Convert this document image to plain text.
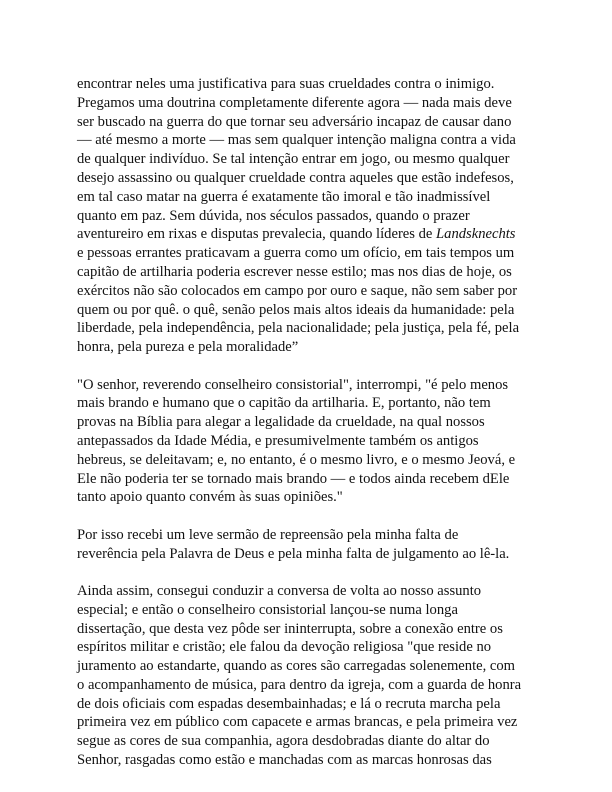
encontrar neles uma justificativa para suas crueldades contra o inimigo.
Pregamos uma doutrina completamente diferente agora — nada mais deve
ser buscado na guerra do que tornar seu adversário incapaz de causar dano
— até mesmo a morte — mas sem qualquer intenção maligna contra a vida
de qualquer indivíduo. Se tal intenção entrar em jogo, ou mesmo qualquer
desejo assassino ou qualquer crueldade contra aqueles que estão indefesos,
em tal caso matar na guerra é exatamente tão imoral e tão inadmissível
quanto em paz. Sem dúvida, nos séculos passados, quando o prazer
aventureiro em rixas e disputas prevalecia, quando líderes de Landsknechts
e pessoas errantes praticavam a guerra como um ofício, em tais tempos um
capitão de artilharia poderia escrever nesse estilo; mas nos dias de hoje, os
exércitos não são colocados em campo por ouro e saque, não sem saber por
quem ou por quê. o quê, senão pelos mais altos ideais da humanidade: pela
liberdade, pela independência, pela nacionalidade; pela justiça, pela fé, pela
honra, pela pureza e pela moralidade”

"O senhor, reverendo conselheiro consistorial", interrompi, "é pelo menos
mais brando e humano que o capitão da artilharia. E, portanto, não tem
provas na Bíblia para alegar a legalidade da crueldade, na qual nossos
antepassados da Idade Média, e presumivelmente também os antigos
hebreus, se deleitavam; e, no entanto, é o mesmo livro, e o mesmo Jeová, e
Ele não poderia ter se tornado mais brando — e todos ainda recebem dEle
tanto apoio quanto convém às suas opiniões."

Por isso recebi um leve sermão de repreensão pela minha falta de
reverência pela Palavra de Deus e pela minha falta de julgamento ao lê-la.

Ainda assim, consegui conduzir a conversa de volta ao nosso assunto
especial; e então o conselheiro consistorial lançou-se numa longa
dissertação, que desta vez pôde ser ininterrupta, sobre a conexão entre os
espíritos militar e cristão; ele falou da devoção religiosa "que reside no
juramento ao estandarte, quando as cores são carregadas solenemente, com
o acompanhamento de música, para dentro da igreja, com a guarda de honra
de dois oficiais com espadas desembainhadas; e lá o recruta marcha pela
primeira vez em público com capacete e armas brancas, e pela primeira vez
segue as cores de sua companhia, agora desdobradas diante do altar do
Senhor, rasgadas como estão e manchadas com as marcas honrosas das
